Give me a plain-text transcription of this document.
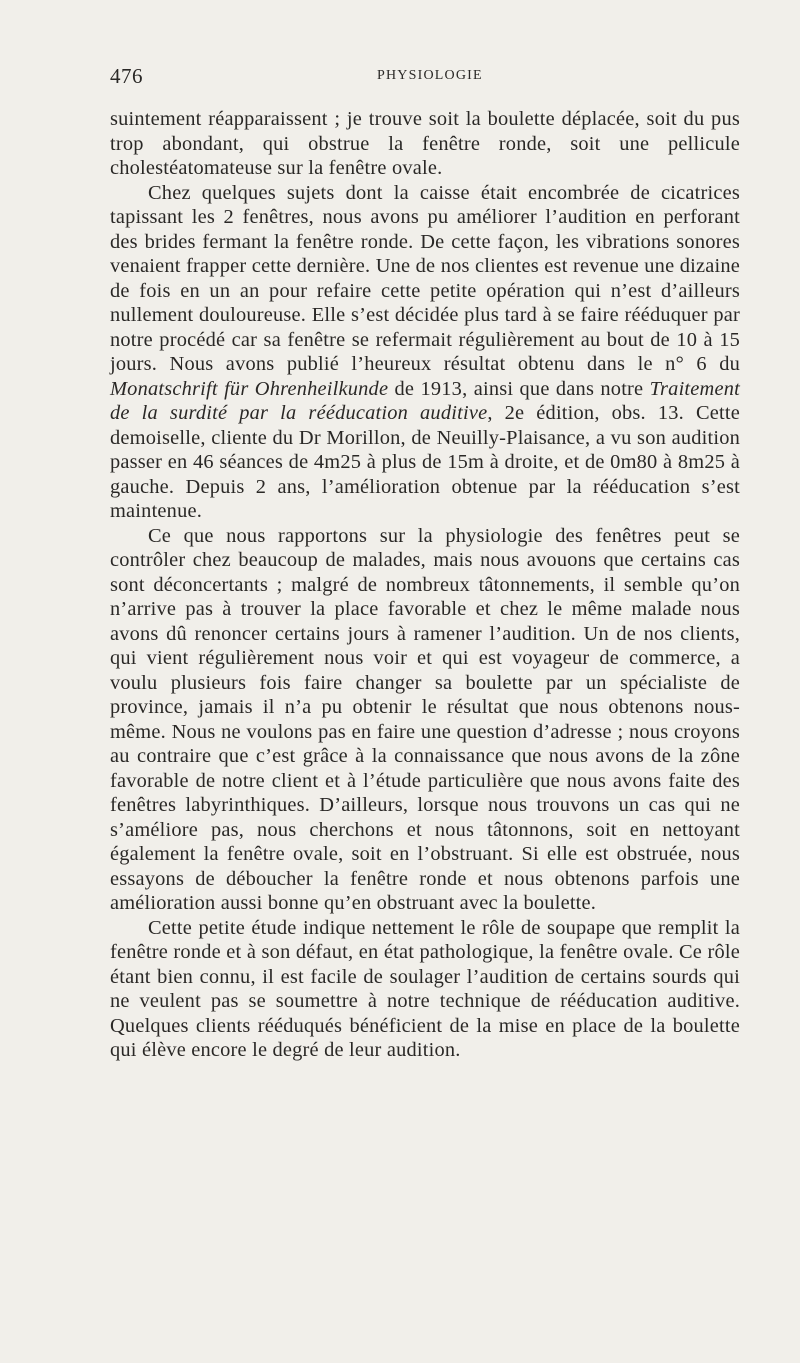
476	PHYSIOLOGIE

suintement réapparaissent ; je trouve soit la boulette déplacée, soit du pus trop abondant, qui obstrue la fenêtre ronde, soit une pellicule cholestéatomateuse sur la fenêtre ovale.

Chez quelques sujets dont la caisse était encombrée de cicatrices tapissant les 2 fenêtres, nous avons pu améliorer l’audition en perforant des brides fermant la fenêtre ronde. De cette façon, les vibrations sonores venaient frapper cette dernière. Une de nos clientes est revenue une dizaine de fois en un an pour refaire cette petite opération qui n’est d’ailleurs nullement douloureuse. Elle s’est décidée plus tard à se faire rééduquer par notre procédé car sa fenêtre se refermait régulièrement au bout de 10 à 15 jours. Nous avons publié l’heureux résultat obtenu dans le n° 6 du Monatschrift für Ohrenheilkunde de 1913, ainsi que dans notre Traitement de la surdité par la rééducation auditive, 2e édition, obs. 13. Cette demoiselle, cliente du Dr Morillon, de Neuilly-Plaisance, a vu son audition passer en 46 séances de 4m25 à plus de 15m à droite, et de 0m80 à 8m25 à gauche. Depuis 2 ans, l’amélioration obtenue par la rééducation s’est maintenue.

Ce que nous rapportons sur la physiologie des fenêtres peut se contrôler chez beaucoup de malades, mais nous avouons que certains cas sont déconcertants ; malgré de nombreux tâtonnements, il semble qu’on n’arrive pas à trouver la place favorable et chez le même malade nous avons dû renoncer certains jours à ramener l’audition. Un de nos clients, qui vient régulièrement nous voir et qui est voyageur de commerce, a voulu plusieurs fois faire changer sa boulette par un spécialiste de province, jamais il n’a pu obtenir le résultat que nous obtenons nous-même. Nous ne voulons pas en faire une question d’adresse ; nous croyons au contraire que c’est grâce à la connaissance que nous avons de la zône favorable de notre client et à l’étude particulière que nous avons faite des fenêtres labyrinthiques. D’ailleurs, lorsque nous trouvons un cas qui ne s’améliore pas, nous cherchons et nous tâtonnons, soit en nettoyant également la fenêtre ovale, soit en l’obstruant. Si elle est obstruée, nous essayons de déboucher la fenêtre ronde et nous obtenons parfois une amélioration aussi bonne qu’en obstruant avec la boulette.

Cette petite étude indique nettement le rôle de soupape que remplit la fenêtre ronde et à son défaut, en état pathologique, la fenêtre ovale. Ce rôle étant bien connu, il est facile de soulager l’audition de certains sourds qui ne veulent pas se soumettre à notre technique de rééducation auditive. Quelques clients rééduqués bénéficient de la mise en place de la boulette qui élève encore le degré de leur audition.
